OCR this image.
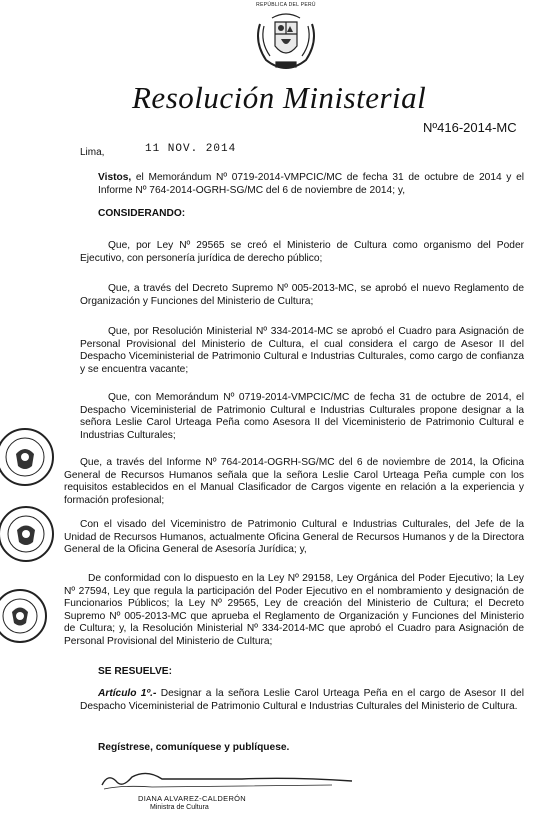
REPÚBLICA DEL PERÚ
Resolución Ministerial
Nº416-2014-MC
Lima,	11 NOV. 2014

Vistos, el Memorándum Nº 0719-2014-VMPCIC/MC de fecha 31 de octubre de 2014 y el Informe Nº 764-2014-OGRH-SG/MC del 6 de noviembre de 2014; y,

CONSIDERANDO:

Que, por Ley Nº 29565 se creó el Ministerio de Cultura como organismo del Poder Ejecutivo, con personería jurídica de derecho público;

Que, a través del Decreto Supremo Nº 005-2013-MC, se aprobó el nuevo Reglamento de Organización y Funciones del Ministerio de Cultura;

Que, por Resolución Ministerial Nº 334-2014-MC se aprobó el Cuadro para Asignación de Personal Provisional del Ministerio de Cultura, el cual considera el cargo de Asesor II del Despacho Viceministerial de Patrimonio Cultural e Industrias Culturales, como cargo de confianza y se encuentra vacante;

Que, con Memorándum Nº 0719-2014-VMPCIC/MC de fecha 31 de octubre de 2014, el Despacho Viceministerial de Patrimonio Cultural e Industrias Culturales propone designar a la señora Leslie Carol Urteaga Peña como Asesora II del Viceministerio de Patrimonio Cultural e Industrias Culturales;

Que, a través del Informe Nº 764-2014-OGRH-SG/MC del 6 de noviembre de 2014, la Oficina General de Recursos Humanos señala que la señora Leslie Carol Urteaga Peña cumple con los requisitos establecidos en el Manual Clasificador de Cargos vigente en relación a la experiencia y formación profesional;

Con el visado del Viceministro de Patrimonio Cultural e Industrias Culturales, del Jefe de la Unidad de Recursos Humanos, actualmente Oficina General de Recursos Humanos y de la Directora General de la Oficina General de Asesoría Jurídica; y,

De conformidad con lo dispuesto en la Ley Nº 29158, Ley Orgánica del Poder Ejecutivo; la Ley Nº 27594, Ley que regula la participación del Poder Ejecutivo en el nombramiento y designación de Funcionarios Públicos; la Ley Nº 29565, Ley de creación del Ministerio de Cultura; el Decreto Supremo Nº 005-2013-MC que aprueba el Reglamento de Organización y Funciones del Ministerio de Cultura; y, la Resolución Ministerial Nº 334-2014-MC que aprobó el Cuadro para Asignación de Personal Provisional del Ministerio de Cultura;

SE RESUELVE:

Artículo 1º.- Designar a la señora Leslie Carol Urteaga Peña en el cargo de Asesor II del Despacho Viceministerial de Patrimonio Cultural e Industrias Culturales del Ministerio de Cultura.

Regístrese, comuníquese y publíquese.
DIANA ALVAREZ-CALDERÓN
Ministra de Cultura
